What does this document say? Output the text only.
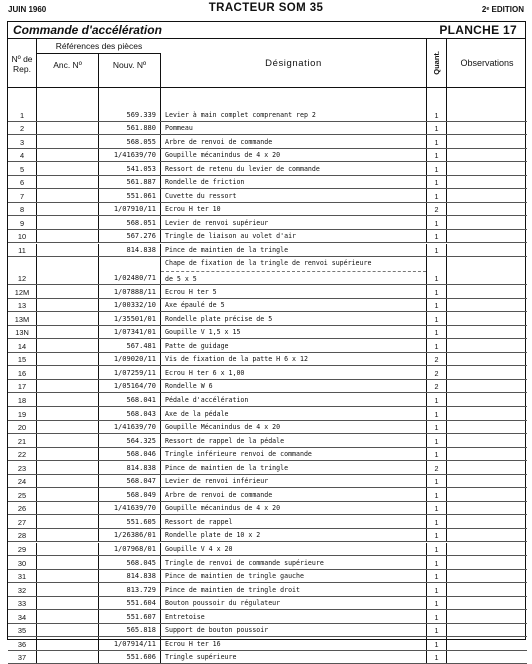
JUIN 1960	TRACTEUR SOM 35	2ᵉ EDITION
Commande d'accélération	PLANCHE 17
Nº de Rep.
Références des pièces
Anc. Nº	Nouv. Nº	Désignation	Quant. Observations
1	569.339 Levier à main complet comprenant rep 2	1
2	561.880 Pommeau	1
3	568.055 Arbre de renvoi de commande	1
4	1/41639/70 Goupille mécanindus de 4 x 20	1
5	541.053 Ressort de retenu du levier de commande	1
6	561.887 Rondelle de friction	1
7	551.061 Cuvette du ressort	1
8	1/07910/11 Ecrou H ter 10	2
9	568.051 Levier de renvoi supérieur	1
10	567.276 Tringle de liaison au volet d'air	1
11	814.838 Pince de maintien de la tringle	1
12	1/02480/71
Chape de fixation de la tringle de renvoi supérieure
de 5 x 5	1
12M	1/07888/11 Ecrou H ter 5	1
13	1/00332/10 Axe épaulé de 5	1
13M	1/35501/01 Rondelle plate précise de 5	1
13N	1/07341/01 Goupille V 1,5 x 15	1
14	567.481 Patte de guidage	1
15	1/09020/11 Vis de fixation de la patte H 6 x 12	2
16	1/07259/11 Ecrou H ter 6 x 1,00	2
17	1/05164/70 Rondelle W 6	2
18	568.041 Pédale d'accélération	1
19	568.043 Axe de la pédale	1
20	1/41639/70 Goupille Mécanindus de 4 x 20	1
21	564.325 Ressort de rappel de la pédale	1
22	568.046 Tringle inférieure renvoi de commande	1
23	814.838 Pince de maintien de la tringle	2
24	568.047 Levier de renvoi inférieur	1
25	568.049 Arbre de renvoi de commande	1
26	1/41639/70 Goupille mécanindus de 4 x 20	1
27	551.605 Ressort de rappel	1
28	1/26386/01 Rondelle plate de 10 x 2	1
29	1/07968/01 Goupille V 4 x 20	1
30	568.045 Tringle de renvoi de commande supérieure	1
31	814.838 Pince de maintien de tringle gauche	1
32	813.729 Pince de maintien de tringle droit	1
33	551.604 Bouton poussoir du régulateur	1
34	551.607 Entretoise	1
35	565.818 Support de bouton poussoir	1
36	1/07914/11 Ecrou H ter 16	1
37	551.606 Tringle supérieure	1
